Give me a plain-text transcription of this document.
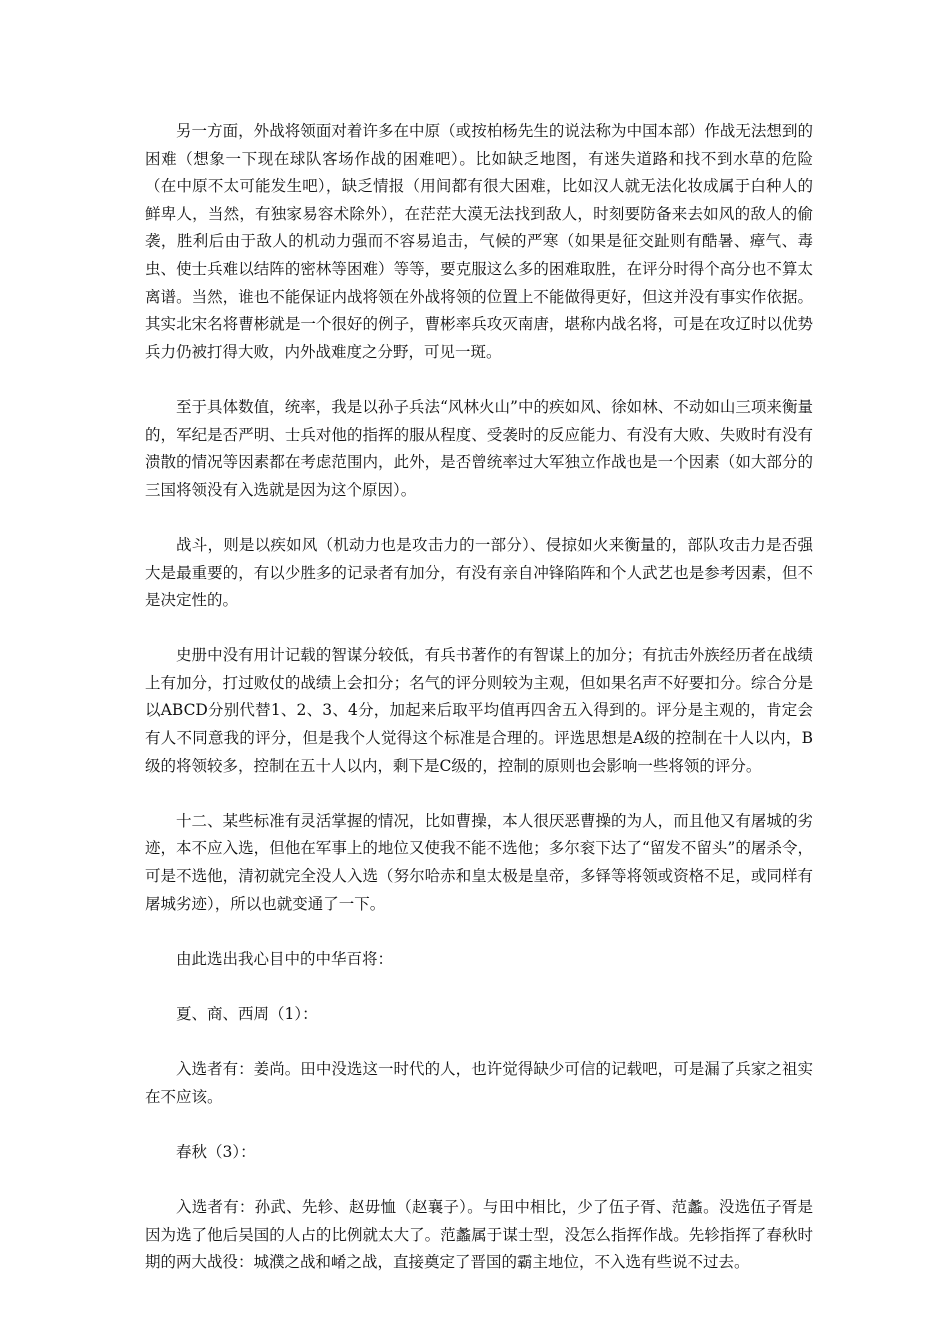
另一方面，外战将领面对着许多在中原（或按柏杨先生的说法称为中国本部）作战无法想到的困难（想象一下现在球队客场作战的困难吧）。比如缺乏地图，有迷失道路和找不到水草的危险（在中原不太可能发生吧），缺乏情报（用间都有很大困难，比如汉人就无法化妆成属于白种人的鲜卑人，当然，有独家易容术除外），在茫茫大漠无法找到敌人，时刻要防备来去如风的敌人的偷袭，胜利后由于敌人的机动力强而不容易追击，气候的严寒（如果是征交趾则有酷暑、瘴气、毒虫、使士兵难以结阵的密林等困难）等等，要克服这么多的困难取胜，在评分时得个高分也不算太离谱。当然，谁也不能保证内战将领在外战将领的位置上不能做得更好，但这并没有事实作依据。其实北宋名将曹彬就是一个很好的例子，曹彬率兵攻灭南唐，堪称内战名将，可是在攻辽时以优势兵力仍被打得大败，内外战难度之分野，可见一斑。

至于具体数值，统率，我是以孙子兵法“风林火山”中的疾如风、徐如林、不动如山三项来衡量的，军纪是否严明、士兵对他的指挥的服从程度、受袭时的反应能力、有没有大败、失败时有没有溃散的情况等因素都在考虑范围内，此外，是否曾统率过大军独立作战也是一个因素（如大部分的三国将领没有入选就是因为这个原因）。

战斗，则是以疾如风（机动力也是攻击力的一部分）、侵掠如火来衡量的，部队攻击力是否强大是最重要的，有以少胜多的记录者有加分，有没有亲自冲锋陷阵和个人武艺也是参考因素，但不是决定性的。

史册中没有用计记载的智谋分较低，有兵书著作的有智谋上的加分；有抗击外族经历者在战绩上有加分，打过败仗的战绩上会扣分；名气的评分则较为主观，但如果名声不好要扣分。综合分是以ABCD分别代替1、2、3、4分，加起来后取平均值再四舍五入得到的。评分是主观的，肯定会有人不同意我的评分，但是我个人觉得这个标准是合理的。评选思想是A级的控制在十人以内，B级的将领较多，控制在五十人以内，剩下是C级的，控制的原则也会影响一些将领的评分。

十二、某些标准有灵活掌握的情况，比如曹操，本人很厌恶曹操的为人，而且他又有屠城的劣迹，本不应入选，但他在军事上的地位又使我不能不选他；多尔衮下达了“留发不留头”的屠杀令，可是不选他，清初就完全没人入选（努尔哈赤和皇太极是皇帝，多铎等将领或资格不足，或同样有屠城劣迹），所以也就变通了一下。

由此选出我心目中的中华百将：

夏、商、西周（1）：

入选者有：姜尚。田中没选这一时代的人，也许觉得缺少可信的记载吧，可是漏了兵家之祖实在不应该。

春秋（3）：

入选者有：孙武、先轸、赵毋恤（赵襄子）。与田中相比，少了伍子胥、范蠡。没选伍子胥是因为选了他后吴国的人占的比例就太大了。范蠡属于谋士型，没怎么指挥作战。先轸指挥了春秋时期的两大战役：城濮之战和崤之战，直接奠定了晋国的霸主地位，不入选有些说不过去。
